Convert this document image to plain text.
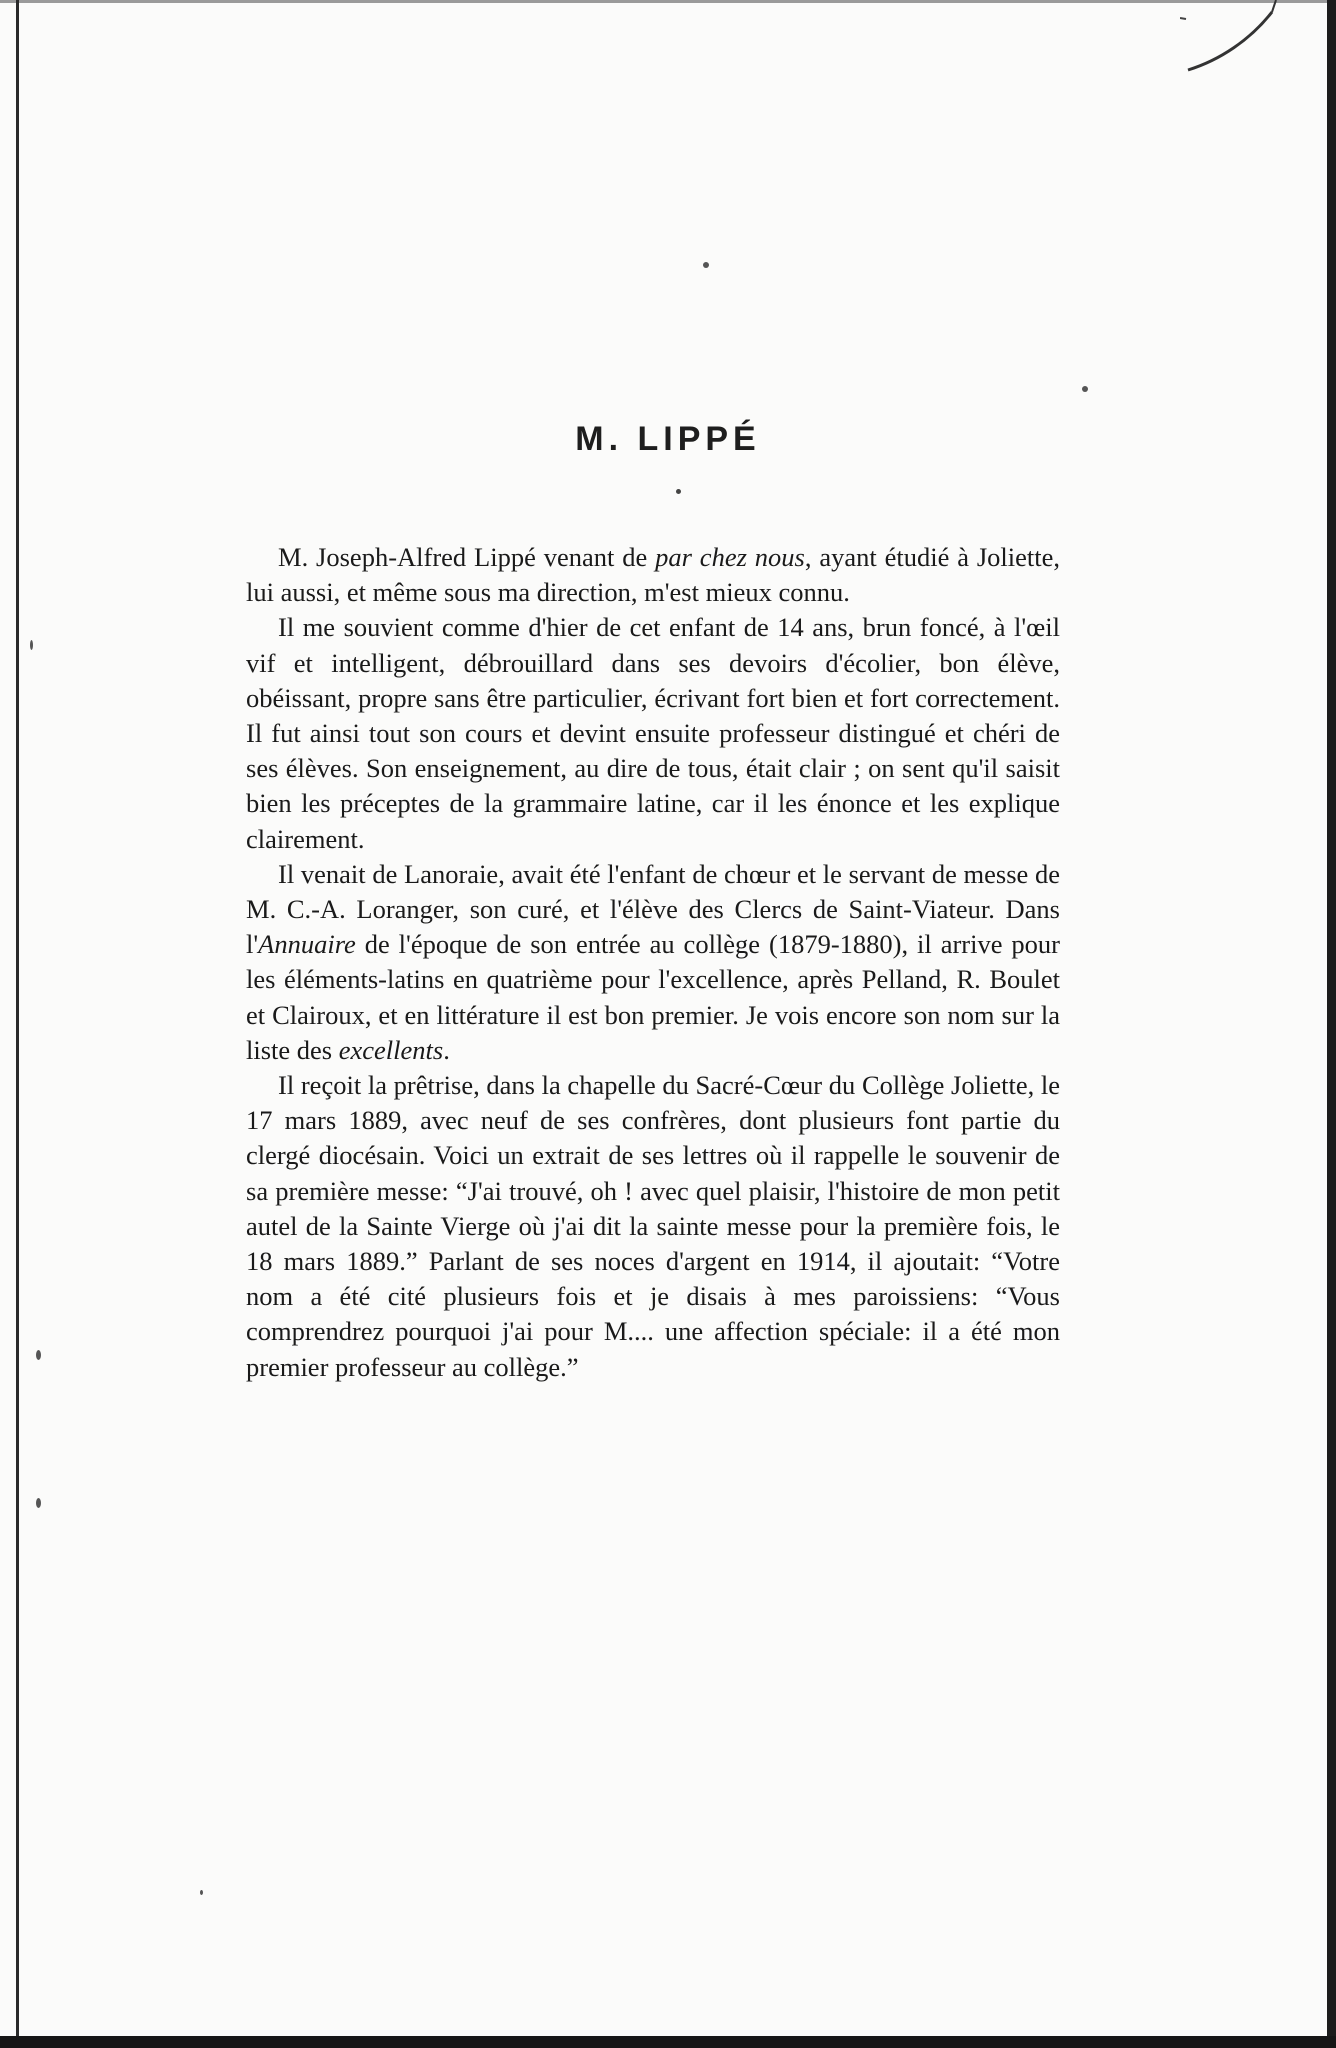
M. LIPPÉ

M. Joseph-Alfred Lippé venant de par chez nous, ayant étudié à Joliette, lui aussi, et même sous ma direction, m'est mieux connu.

Il me souvient comme d'hier de cet enfant de 14 ans, brun foncé, à l'œil vif et intelligent, débrouillard dans ses devoirs d'écolier, bon élève, obéissant, propre sans être particulier, écrivant fort bien et fort correctement. Il fut ainsi tout son cours et devint ensuite professeur distingué et chéri de ses élèves. Son enseignement, au dire de tous, était clair ; on sent qu'il saisit bien les préceptes de la grammaire latine, car il les énonce et les explique clairement.

Il venait de Lanoraie, avait été l'enfant de chœur et le servant de messe de M. C.-A. Loranger, son curé, et l'élève des Clercs de Saint-Viateur. Dans l'Annuaire de l'époque de son entrée au collège (1879-1880), il arrive pour les éléments-latins en quatrième pour l'excellence, après Pelland, R. Boulet et Clairoux, et en littérature il est bon premier. Je vois encore son nom sur la liste des excellents.

Il reçoit la prêtrise, dans la chapelle du Sacré-Cœur du Collège Joliette, le 17 mars 1889, avec neuf de ses confrères, dont plusieurs font partie du clergé diocésain. Voici un extrait de ses lettres où il rappelle le souvenir de sa première messe: “J'ai trouvé, oh ! avec quel plaisir, l'histoire de mon petit autel de la Sainte Vierge où j'ai dit la sainte messe pour la première fois, le 18 mars 1889.” Parlant de ses noces d'argent en 1914, il ajoutait: “Votre nom a été cité plusieurs fois et je disais à mes paroissiens: “Vous comprendrez pourquoi j'ai pour M.... une affection spéciale: il a été mon premier professeur au collège.”
